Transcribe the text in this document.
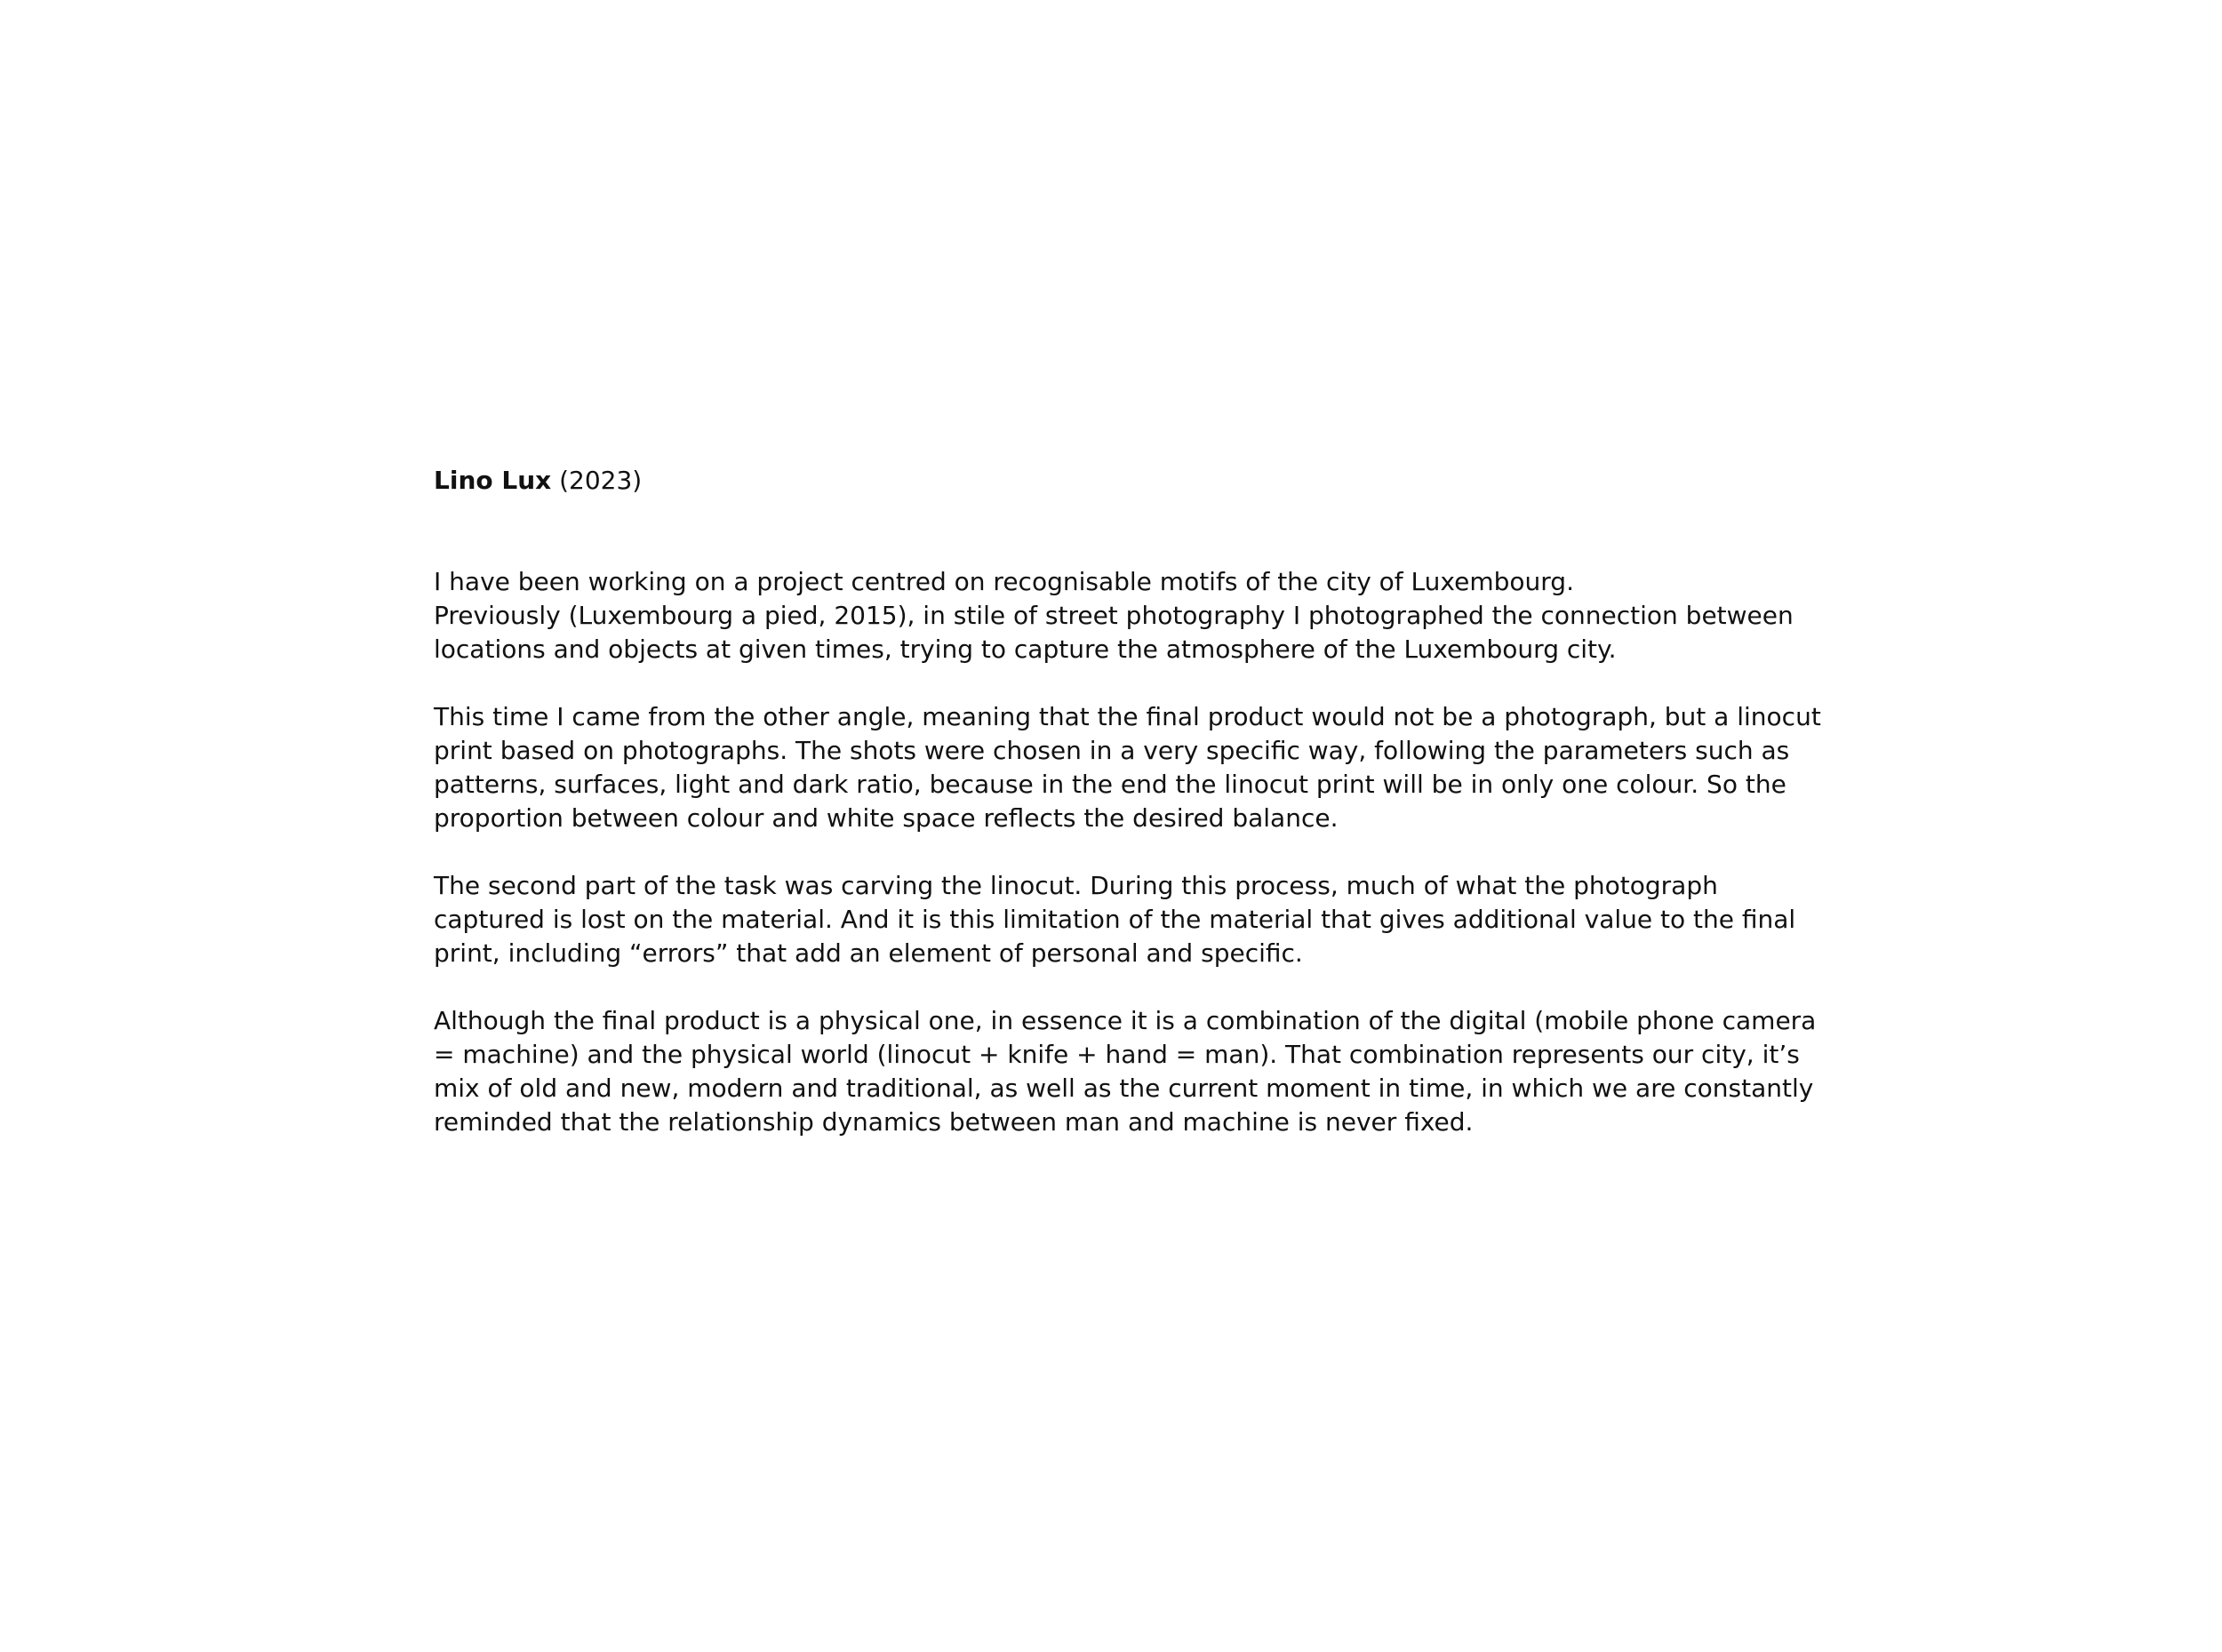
Lino Lux (2023)

I have been working on a project centred on recognisable motifs of the city of Luxembourg.
Previously (Luxembourg a pied, 2015), in stile of street photography I photographed the connection between
locations and objects at given times, trying to capture the atmosphere of the Luxembourg city.

This time I came from the other angle, meaning that the final product would not be a photograph, but a linocut
print based on photographs. The shots were chosen in a very specific way, following the parameters such as
patterns, surfaces, light and dark ratio, because in the end the linocut print will be in only one colour. So the
proportion between colour and white space reflects the desired balance.

The second part of the task was carving the linocut. During this process, much of what the photograph
captured is lost on the material. And it is this limitation of the material that gives additional value to the final
print, including “errors” that add an element of personal and specific.

Although the final product is a physical one, in essence it is a combination of the digital (mobile phone camera
= machine) and the physical world (linocut + knife + hand = man). That combination represents our city, it’s
mix of old and new, modern and traditional, as well as the current moment in time, in which we are constantly
reminded that the relationship dynamics between man and machine is never fixed.
